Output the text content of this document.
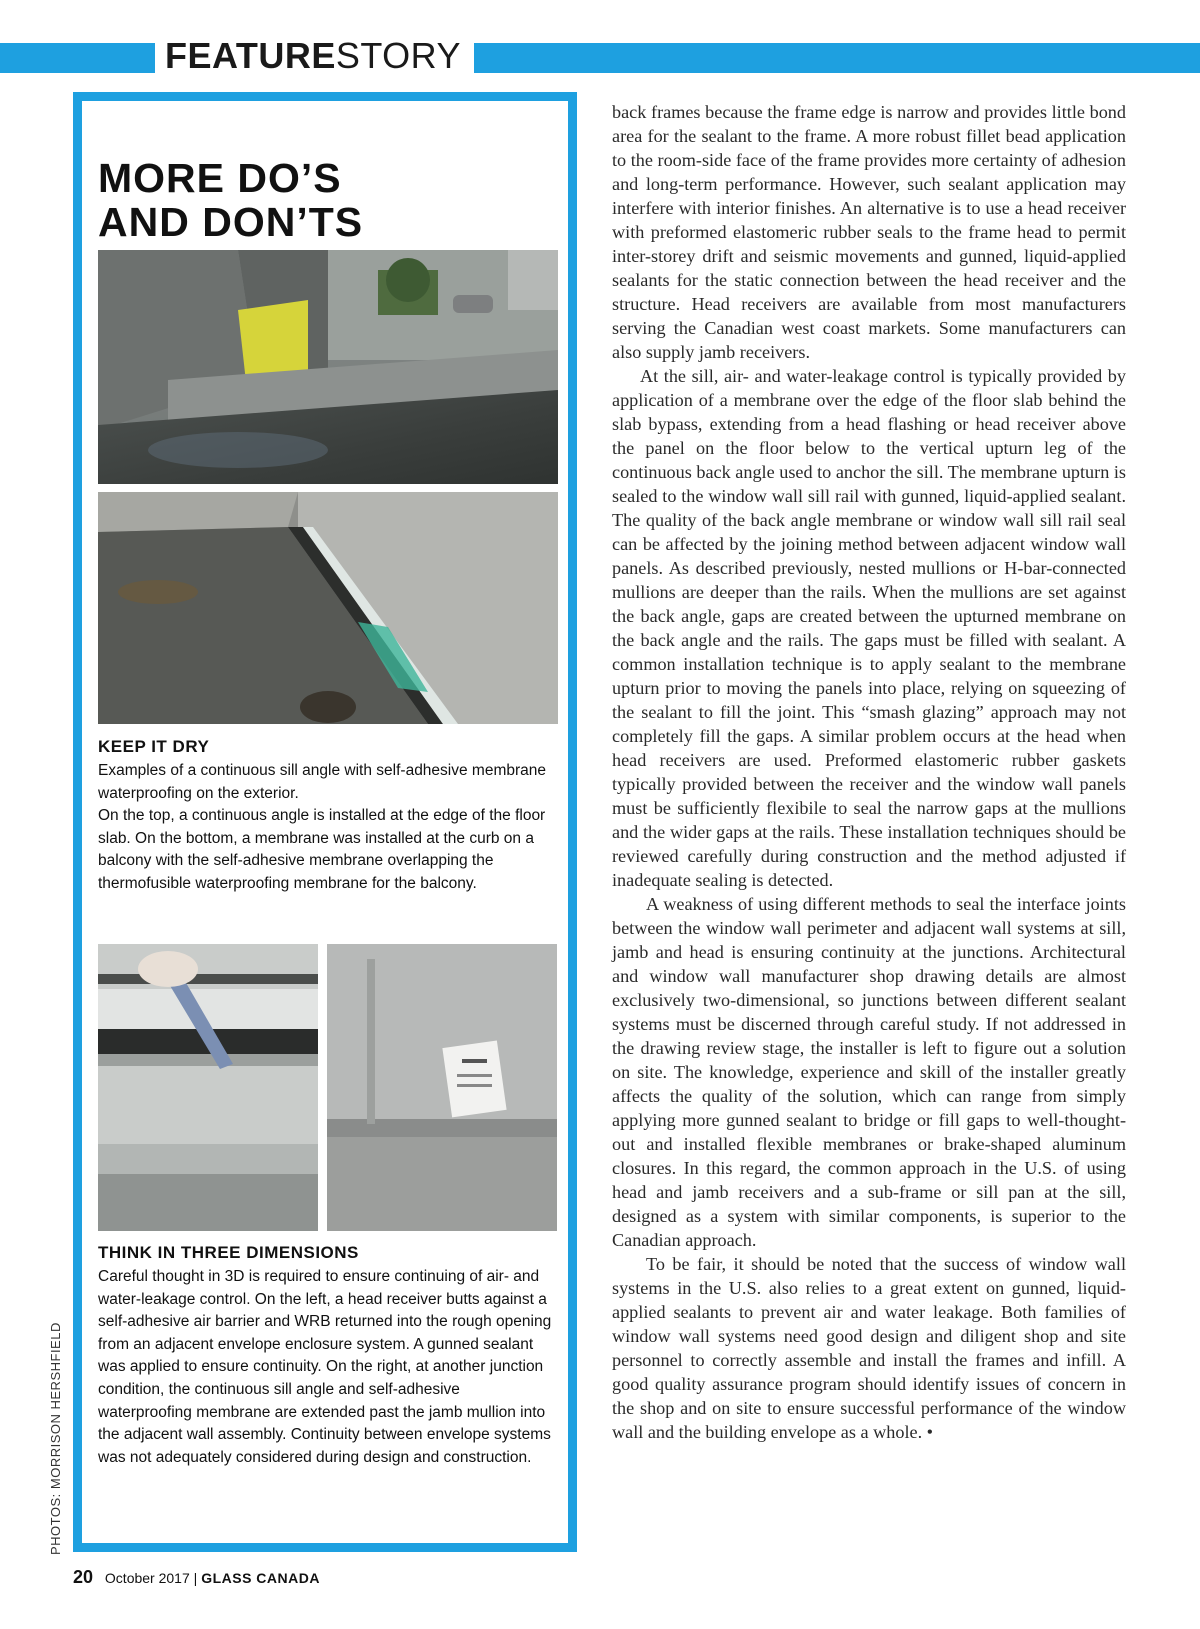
FEATURESTORY
MORE DO’S
AND DON’TS
KEEP IT DRY

Examples of a continuous sill angle with self-adhesive membrane waterproofing on the exterior.

On the top, a continuous angle is installed at the edge of the floor slab. On the bottom, a membrane was installed at the curb on a balcony with the self-adhesive membrane overlapping the thermofusible waterproofing membrane for the balcony.

THINK IN THREE DIMENSIONS
Careful thought in 3D is required to ensure continuing of air- and water-leakage control. On the left, a head receiver butts against a self-adhesive air barrier and WRB returned into the rough opening from an adjacent envelope enclosure system. A gunned sealant was applied to ensure continuity. On the right, at another junction condition, the continuous sill angle and self-adhesive waterproofing membrane are extended past the jamb mullion into the adjacent wall assembly. Continuity between envelope systems was not adequately considered during design and construction.
PHOTOS: MORRISON HERSHFIELD

back frames because the frame edge is narrow and provides little bond area for the sealant to the frame. A more robust fillet bead application to the room-side face of the frame provides more certainty of adhesion and long-term performance. However, such sealant application may interfere with interior finishes. An alternative is to use a head receiver with preformed elastomeric rubber seals to the frame head to permit inter-storey drift and seismic movements and gunned, liquid-applied sealants for the static connection between the head receiver and the structure. Head receivers are available from most manufacturers serving the Canadian west coast markets. Some manufacturers can also supply jamb receivers.

At the sill, air- and water-leakage control is typically provided by application of a membrane over the edge of the floor slab behind the slab bypass, extending from a head flashing or head receiver above the panel on the floor below to the vertical upturn leg of the continuous back angle used to anchor the sill. The membrane upturn is sealed to the window wall sill rail with gunned, liquid-applied sealant. The quality of the back angle membrane or window wall sill rail seal can be affected by the joining method between adjacent window wall panels. As described previously, nested mullions or H-bar-connected mullions are deeper than the rails. When the mullions are set against the back angle, gaps are created between the upturned membrane on the back angle and the rails. The gaps must be filled with sealant. A common installation technique is to apply sealant to the membrane upturn prior to moving the panels into place, relying on squeezing of the sealant to fill the joint. This “smash glazing” approach may not completely fill the gaps. A similar problem occurs at the head when head receivers are used. Preformed elastomeric rubber gaskets typically provided between the receiver and the window wall panels must be sufficiently flexibile to seal the narrow gaps at the mullions and the wider gaps at the rails. These installation techniques should be reviewed carefully during construction and the method adjusted if inadequate sealing is detected.

A weakness of using different methods to seal the interface joints between the window wall perimeter and adjacent wall systems at sill, jamb and head is ensuring continuity at the junctions. Architectural and window wall manufacturer shop drawing details are almost exclusively two-dimensional, so junctions between different sealant systems must be discerned through careful study. If not addressed in the drawing review stage, the installer is left to figure out a solution on site. The knowledge, experience and skill of the installer greatly affects the quality of the solution, which can range from simply applying more gunned sealant to bridge or fill gaps to well-thought-out and installed flexible membranes or brake-shaped aluminum closures. In this regard, the common approach in the U.S. of using head and jamb receivers and a sub-frame or sill pan at the sill, designed as a system with similar components, is superior to the Canadian approach.

To be fair, it should be noted that the success of window wall systems in the U.S. also relies to a great extent on gunned, liquid-applied sealants to prevent air and water leakage. Both families of window wall systems need good design and diligent shop and site personnel to correctly assemble and install the frames and infill. A good quality assurance program should identify issues of concern in the shop and on site to ensure successful performance of the window wall and the building envelope as a whole. •

20 October 2017 | GLASS CANADA
